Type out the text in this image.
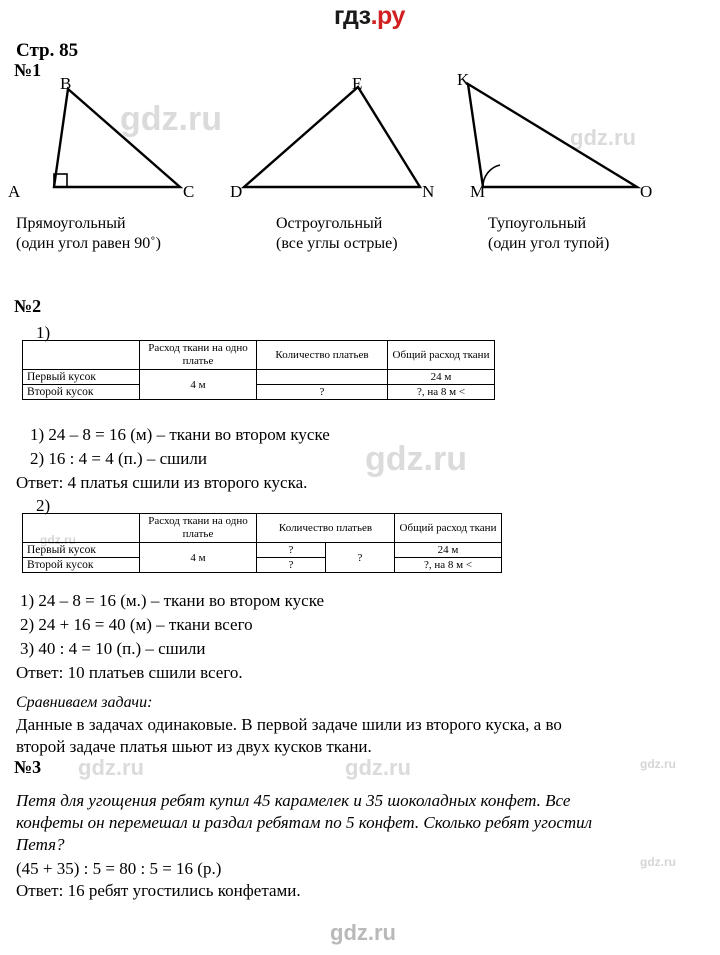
гдз.ру
gdz.ru	gdz.ru
gdz.ru
gdz.ru
gdz.ru	gdz.ru	gdz.ru
gdz.ru
Стр. 85
№1
B
A	C
Прямоугольный
(один угол равен 90˚)
E
D	N
Остроугольный
(все углы острые)
K
M	O
Тупоугольный
(один угол тупой)
№2
1)
	Расход ткани на одно платье	Количество платьев	Общий расход ткани
Первый кусок	4 м		24 м
Второй кусок		?	?, на 8 м <
1) 24 – 8 = 16 (м) – ткани во втором куске
2) 16 : 4 = 4 (п.) – сшили
Ответ: 4 платья сшили из второго куска.
2)
	Расход ткани на одно платье	Количество платьев		Общий расход ткани
Первый кусок	4 м	?	?	24 м
Второй кусок		?		?, на 8 м <
1) 24 – 8 = 16 (м.) – ткани во втором куске
2) 24 + 16 = 40 (м) – ткани всего
3) 40 : 4 = 10 (п.) – сшили
Ответ: 10 платьев сшили всего.
Сравниваем задачи:
Данные в задачах одинаковые. В первой задаче шили из второго куска, а во
второй задаче платья шьют из двух кусков ткани.
№3
Петя для угощения ребят купил 45 карамелек и 35 шоколадных конфет. Все
конфеты он перемешал и раздал ребятам по 5 конфет. Сколько ребят угостил
Петя?
(45 + 35) : 5 = 80 : 5 = 16 (р.)
Ответ: 16 ребят угостились конфетами.
gdz.ru
